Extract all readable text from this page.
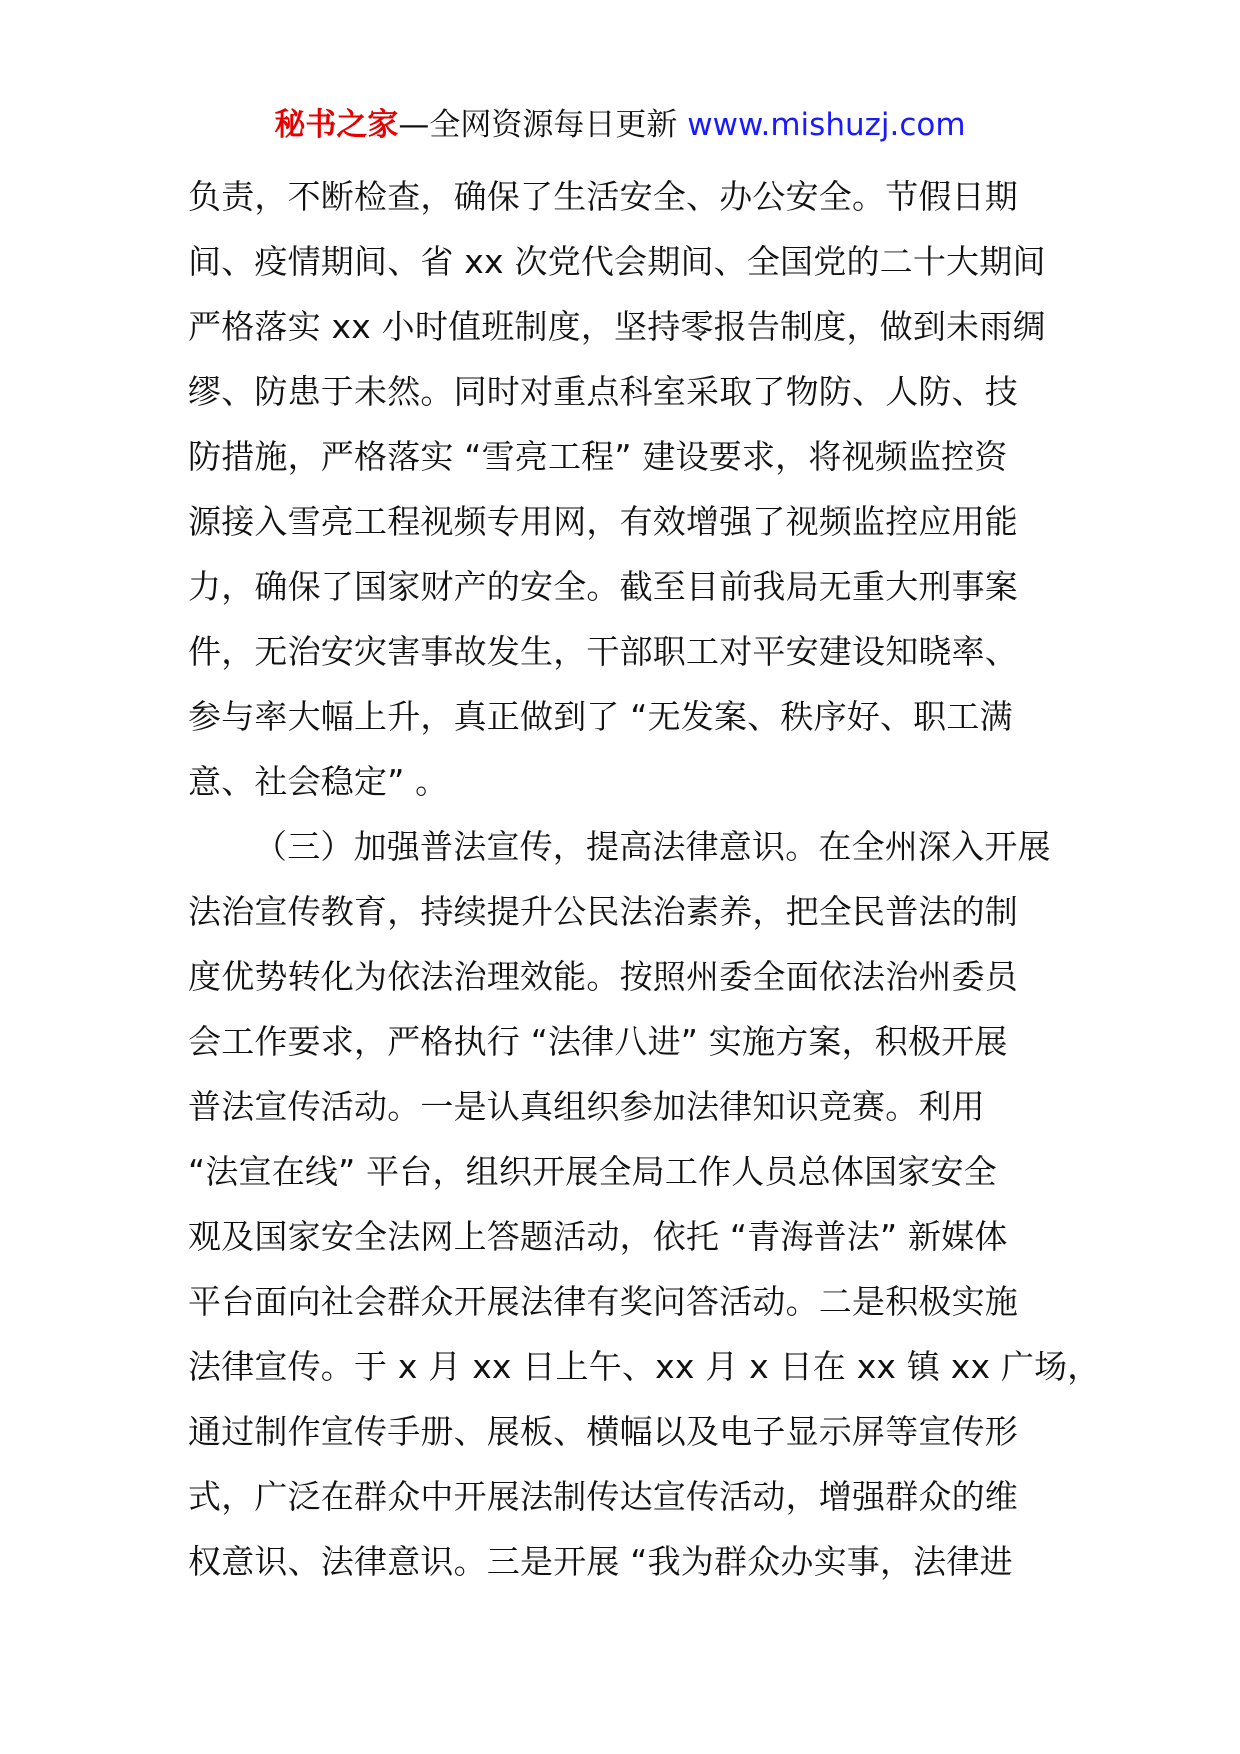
秘书之家—全网资源每日更新 www.mishuzj.com
负责，不断检查，确保了生活安全、办公安全。节假日期
间、疫情期间、省 xx 次党代会期间、全国党的二十大期间
严格落实 xx 小时值班制度，坚持零报告制度，做到未雨绸
缪、防患于未然。同时对重点科室采取了物防、人防、技
防措施，严格落实 “雪亮工程” 建设要求，将视频监控资
源接入雪亮工程视频专用网，有效增强了视频监控应用能
力，确保了国家财产的安全。截至目前我局无重大刑事案
件，无治安灾害事故发生，干部职工对平安建设知晓率、
参与率大幅上升，真正做到了 “无发案、秩序好、职工满
意、社会稳定” 。
（三）加强普法宣传，提高法律意识。在全州深入开展
法治宣传教育，持续提升公民法治素养，把全民普法的制
度优势转化为依法治理效能。按照州委全面依法治州委员
会工作要求，严格执行 “法律八进” 实施方案，积极开展
普法宣传活动。一是认真组织参加法律知识竞赛。利用
“法宣在线” 平台，组织开展全局工作人员总体国家安全
观及国家安全法网上答题活动，依托 “青海普法” 新媒体
平台面向社会群众开展法律有奖问答活动。二是积极实施
法律宣传。于 x 月 xx 日上午、xx 月 x 日在 xx 镇 xx 广场，
通过制作宣传手册、展板、横幅以及电子显示屏等宣传形
式，广泛在群众中开展法制传达宣传活动，增强群众的维
权意识、法律意识。三是开展 “我为群众办实事，法律进
